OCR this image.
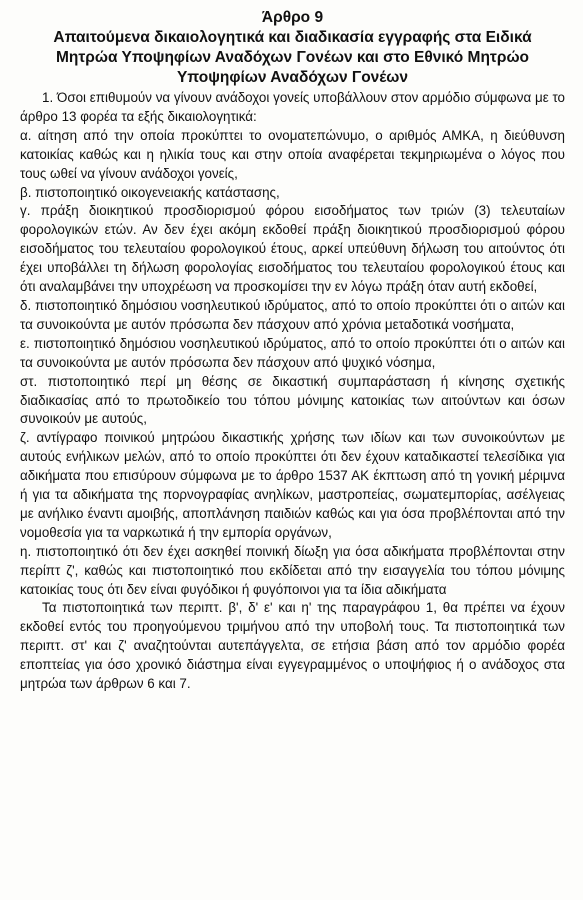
Άρθρο 9
Απαιτούμενα δικαιολογητικά και διαδικασία εγγραφής στα Ειδικά Μητρώα Υποψηφίων Αναδόχων Γονέων και στο Εθνικό Μητρώο Υποψηφίων Αναδόχων Γονέων

1. Όσοι επιθυμούν να γίνουν ανάδοχοι γονείς υποβάλλουν στον αρμόδιο σύμφωνα με το άρθρο 13 φορέα τα εξής δικαιολογητικά:

α. αίτηση από την οποία προκύπτει το ονοματεπώνυμο, ο αριθμός ΑΜΚΑ, η διεύθυνση κατοικίας καθώς και η ηλικία τους και στην οποία αναφέρεται τεκμηριωμένα ο λόγος που τους ωθεί να γίνουν ανάδοχοι γονείς,

β. πιστοποιητικό οικογενειακής κατάστασης,

γ. πράξη διοικητικού προσδιορισμού φόρου εισοδήματος των τριών (3) τελευταίων φορολογικών ετών. Αν δεν έχει ακόμη εκδοθεί πράξη διοικητικού προσδιορισμού φόρου εισοδήματος του τελευταίου φορολογικού έτους, αρκεί υπεύθυνη δήλωση του αιτούντος ότι έχει υποβάλλει τη δήλωση φορολογίας εισοδήματος του τελευταίου φορολογικού έτους και ότι αναλαμβάνει την υποχρέωση να προσκομίσει την εν λόγω πράξη όταν αυτή εκδοθεί,

δ. πιστοποιητικό δημόσιου νοσηλευτικού ιδρύματος, από το οποίο προκύπτει ότι ο αιτών και τα συνοικούντα με αυτόν πρόσωπα δεν πάσχουν από χρόνια μεταδοτικά νοσήματα,

ε. πιστοποιητικό δημόσιου νοσηλευτικού ιδρύματος, από το οποίο προκύπτει ότι ο αιτών και τα συνοικούντα με αυτόν πρόσωπα δεν πάσχουν από ψυχικό νόσημα,

στ. πιστοποιητικό περί μη θέσης σε δικαστική συμπαράσταση ή κίνησης σχετικής διαδικασίας από το πρωτοδικείο του τόπου μόνιμης κατοικίας των αιτούντων και όσων συνοικούν με αυτούς,

ζ. αντίγραφο ποινικού μητρώου δικαστικής χρήσης των ιδίων και των συνοικούντων με αυτούς ενήλικων μελών, από το οποίο προκύπτει ότι δεν έχουν καταδικαστεί τελεσίδικα για αδικήματα που επισύρουν σύμφωνα με το άρθρο 1537 ΑΚ έκπτωση από τη γονική μέριμνα ή για τα αδικήματα της πορνογραφίας ανηλίκων, μαστροπείας, σωματεμπορίας, ασέλγειας με ανήλικο έναντι αμοιβής, αποπλάνηση παιδιών καθώς και για όσα προβλέπονται από την νομοθεσία για τα ναρκωτικά ή την εμπορία οργάνων,

η. πιστοποιητικό ότι δεν έχει ασκηθεί ποινική δίωξη για όσα αδικήματα προβλέπονται στην περίπτ ζ', καθώς και πιστοποιητικό που εκδίδεται από την εισαγγελία του τόπου μόνιμης κατοικίας τους ότι δεν είναι φυγόδικοι ή φυγόποινοι για τα ίδια αδικήματα

Τα πιστοποιητικά των περιπτ. β', δ' ε' και η' της παραγράφου 1, θα πρέπει να έχουν εκδοθεί εντός του προηγούμενου τριμήνου από την υποβολή τους. Τα πιστοποιητικά των περιπτ. στ' και ζ' αναζητούνται αυτεπάγγελτα, σε ετήσια βάση από τον αρμόδιο φορέα εποπτείας για όσο χρονικό διάστημα είναι εγγεγραμμένος ο υποψήφιος ή ο ανάδοχος στα μητρώα των άρθρων 6 και 7.
